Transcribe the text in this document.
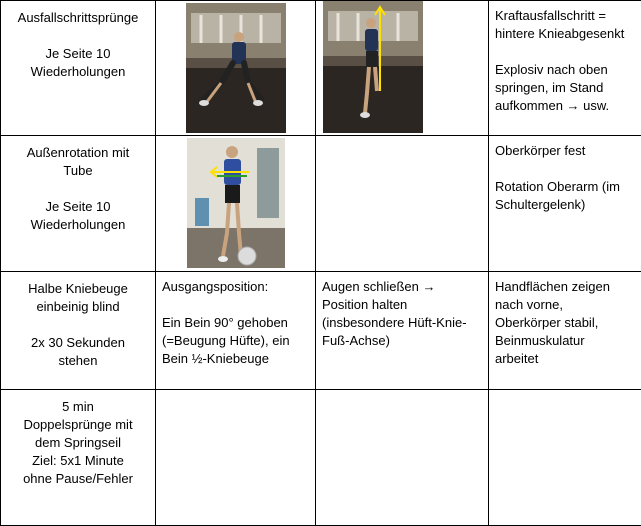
Ausfallschrittsprünge

Je Seite 10
Wiederholungen			Kraftausfallschritt =
hintere Knieabgesenkt

Explosiv nach oben
springen, im Stand
aufkommen → usw.

Außenrotation mit
Tube

Je Seite 10
Wiederholungen			Oberkörper fest

Rotation Oberarm (im
Schultergelenk)

Halbe Kniebeuge
einbeinig blind

2x 30 Sekunden
stehen	Ausgangsposition:

Ein Bein 90° gehoben
(=Beugung Hüfte), ein
Bein ½-Kniebeuge	Augen schließen →
Position halten
(insbesondere Hüft-Knie-
Fuß-Achse)	Handflächen zeigen
nach vorne,
Oberkörper stabil,
Beinmuskulatur
arbeitet

5 min
Doppelsprünge mit
dem Springseil
Ziel: 5x1 Minute
ohne Pause/Fehler			
